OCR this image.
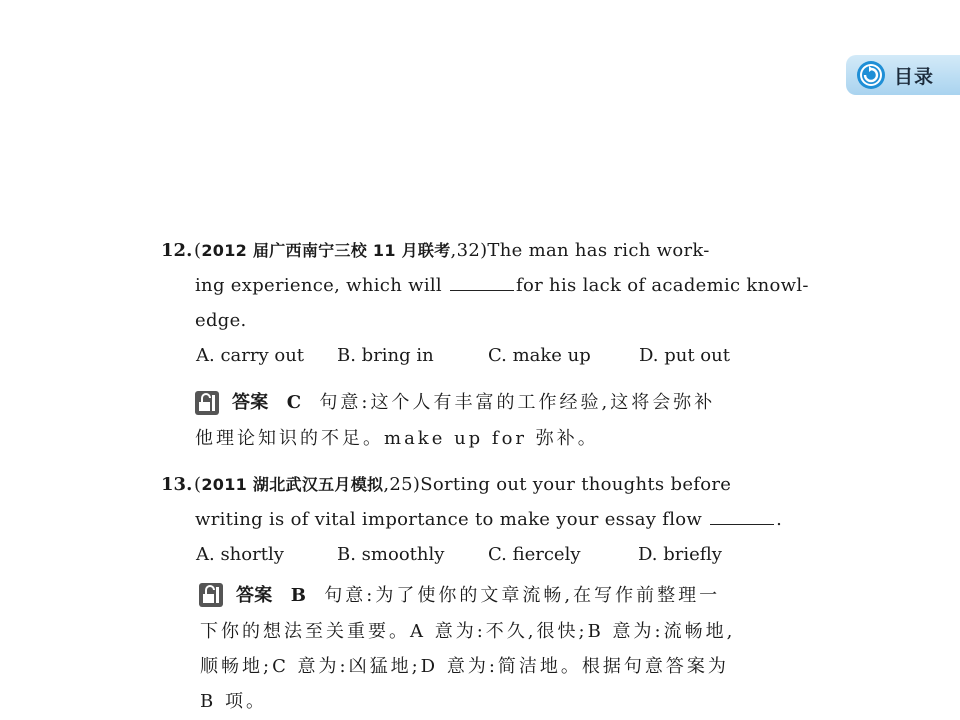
目录
12. (2012 届广西南宁三校 11 月联考,32)The man has rich work-
ing experience, which will	for his lack of academic knowl-
edge.
A. carry out B. bring in	C. make up	D. put out
答案 C 句意:这个人有丰富的工作经验,这将会弥补
他理论知识的不足。make up for 弥补。
13. (2011 湖北武汉五月模拟,25)Sorting out your thoughts before
writing is of vital importance to make your essay flow	.
A. shortly	B. smoothly C. fiercely	D. briefly
答案 B 句意:为了使你的文章流畅,在写作前整理一
下你的想法至关重要。A 意为:不久,很快;B 意为:流畅地,
顺畅地;C 意为:凶猛地;D 意为:简洁地。根据句意答案为
B 项。
